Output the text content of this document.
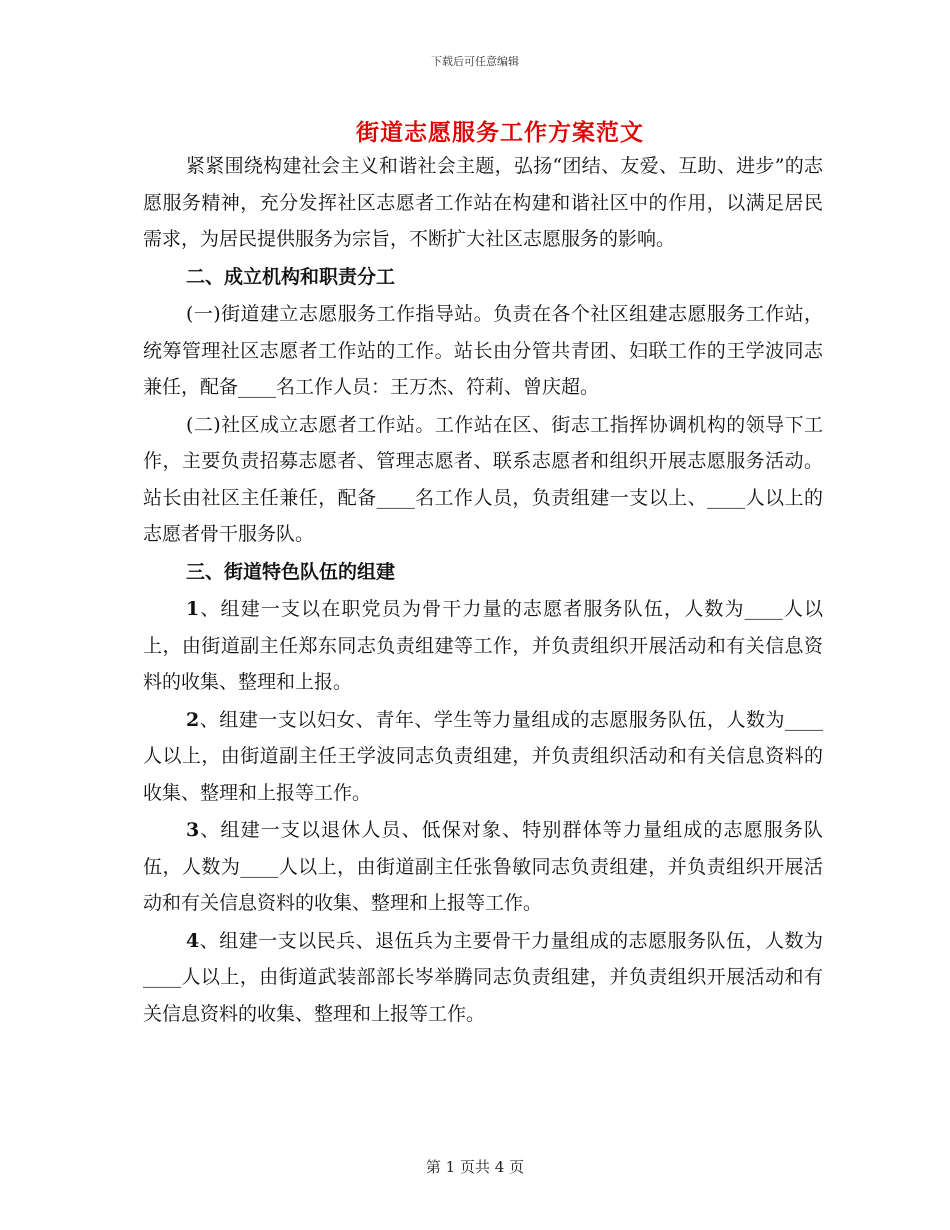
下载后可任意编辑
街道志愿服务工作方案范文

紧紧围绕构建社会主义和谐社会主题，弘扬“团结、友爱、互助、进步”的志愿服务精神，充分发挥社区志愿者工作站在构建和谐社区中的作用，以满足居民需求，为居民提供服务为宗旨，不断扩大社区志愿服务的影响。

二、成立机构和职责分工

(一)街道建立志愿服务工作指导站。负责在各个社区组建志愿服务工作站，统筹管理社区志愿者工作站的工作。站长由分管共青团、妇联工作的王学波同志兼任，配备____名工作人员：王万杰、符莉、曾庆超。

(二)社区成立志愿者工作站。工作站在区、街志工指挥协调机构的领导下工作，主要负责招募志愿者、管理志愿者、联系志愿者和组织开展志愿服务活动。站长由社区主任兼任，配备____名工作人员，负责组建一支以上、____人以上的志愿者骨干服务队。

三、街道特色队伍的组建

1、组建一支以在职党员为骨干力量的志愿者服务队伍，人数为____人以上，由街道副主任郑东同志负责组建等工作，并负责组织开展活动和有关信息资料的收集、整理和上报。

2、组建一支以妇女、青年、学生等力量组成的志愿服务队伍，人数为____人以上，由街道副主任王学波同志负责组建，并负责组织活动和有关信息资料的收集、整理和上报等工作。

3、组建一支以退休人员、低保对象、特别群体等力量组成的志愿服务队伍，人数为____人以上，由街道副主任张鲁敏同志负责组建，并负责组织开展活动和有关信息资料的收集、整理和上报等工作。

4、组建一支以民兵、退伍兵为主要骨干力量组成的志愿服务队伍，人数为____人以上，由街道武装部部长岑举腾同志负责组建，并负责组织开展活动和有关信息资料的收集、整理和上报等工作。

第 1 页共 4 页
